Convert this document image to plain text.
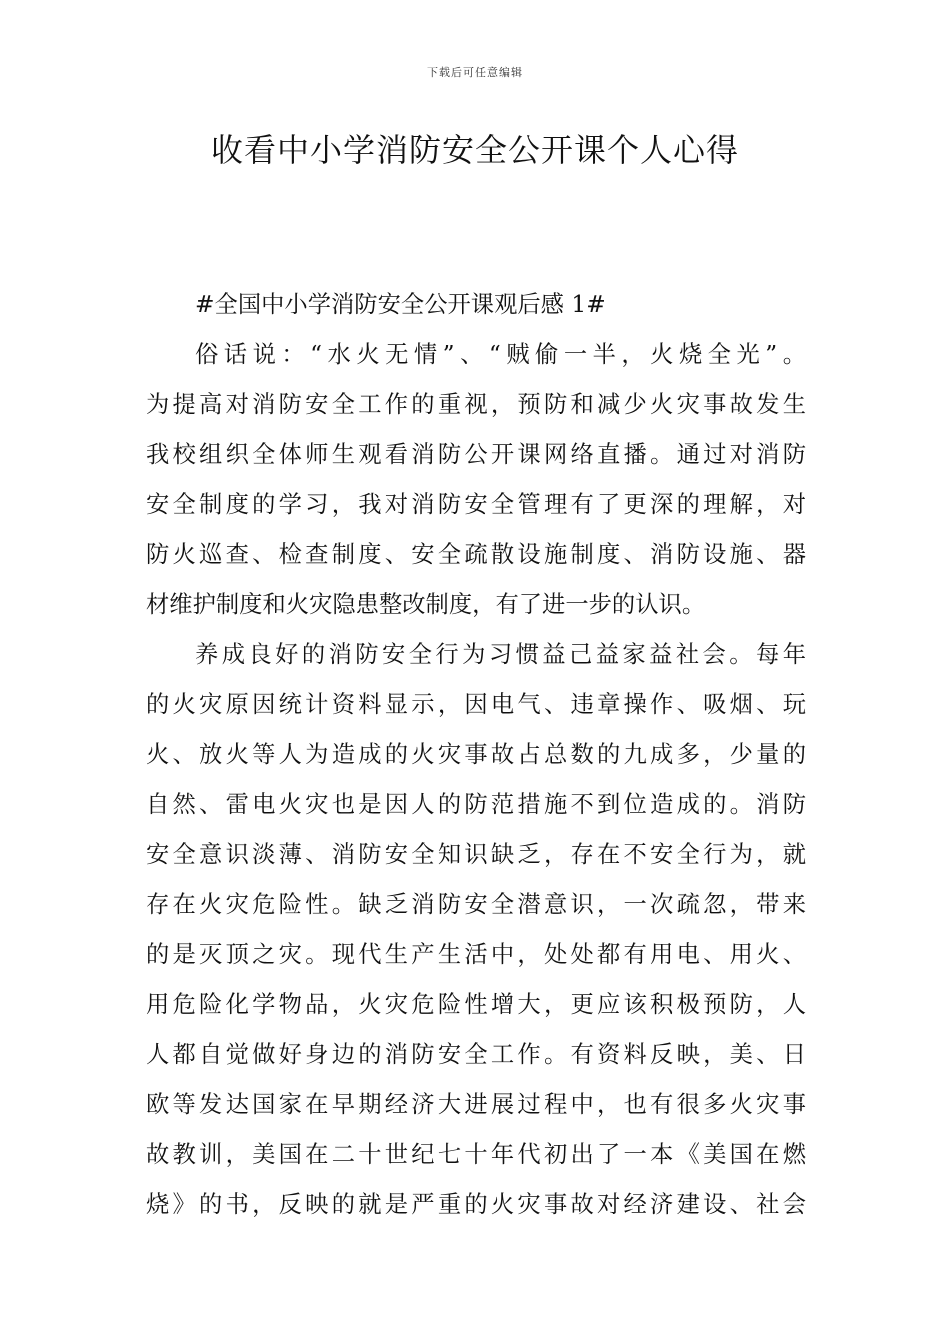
下载后可任意编辑
收看中小学消防安全公开课个人心得
#全国中小学消防安全公开课观后感 1#
俗话说：“水火无情”、“贼偷一半，火烧全光”。
为提高对消防安全工作的重视，预防和减少火灾事故发生
我校组织全体师生观看消防公开课网络直播。通过对消防
安全制度的学习，我对消防安全管理有了更深的理解，对
防火巡查、检查制度、安全疏散设施制度、消防设施、器
材维护制度和火灾隐患整改制度，有了进一步的认识。
养成良好的消防安全行为习惯益己益家益社会。每年
的火灾原因统计资料显示，因电气、违章操作、吸烟、玩
火、放火等人为造成的火灾事故占总数的九成多，少量的
自然、雷电火灾也是因人的防范措施不到位造成的。消防
安全意识淡薄、消防安全知识缺乏，存在不安全行为，就
存在火灾危险性。缺乏消防安全潜意识，一次疏忽，带来
的是灭顶之灾。现代生产生活中，处处都有用电、用火、
用危险化学物品，火灾危险性增大，更应该积极预防，人
人都自觉做好身边的消防安全工作。有资料反映，美、日
欧等发达国家在早期经济大进展过程中，也有很多火灾事
故教训，美国在二十世纪七十年代初出了一本《美国在燃
烧》的书，反映的就是严重的火灾事故对经济建设、社会
